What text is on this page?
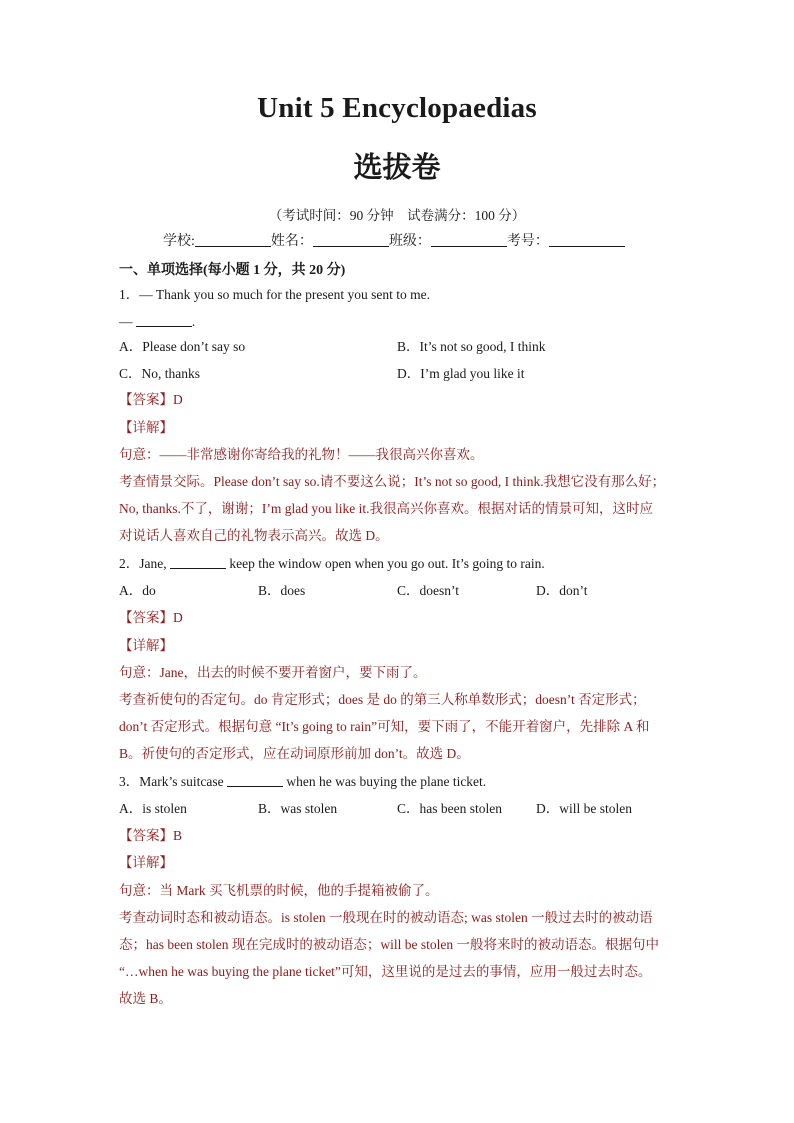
Unit 5 Encyclopaedias
选拔卷
（考试时间：90 分钟　试卷满分：100 分）
学校:	姓名：	班级：	考号：
一、单项选择(每小题 1 分，共 20 分)
1．— Thank you so much for the present you sent to me.
—	.
A．Please don’t say so	B．It’s not so good, I think
C．No, thanks	D．I’m glad you like it
【答案】D
【详解】
句意：——非常感谢你寄给我的礼物！——我很高兴你喜欢。
考查情景交际。Please don’t say so.请不要这么说；It’s not so good, I think.我想它没有那么好；
No, thanks.不了，谢谢；I’m glad you like it.我很高兴你喜欢。根据对话的情景可知，这时应
对说话人喜欢自己的礼物表示高兴。故选 D。
2．Jane,	keep the window open when you go out. It’s going to rain.
A．do	B．does	C．doesn’t	D．don’t
【答案】D
【详解】
句意：Jane，出去的时候不要开着窗户，要下雨了。
考查祈使句的否定句。do 肯定形式；does 是 do 的第三人称单数形式；doesn’t 否定形式；
don’t 否定形式。根据句意 “It’s going to rain”可知，要下雨了，不能开着窗户，先排除 A 和
B。祈使句的否定形式，应在动词原形前加 don’t。故选 D。
3．Mark’s suitcase	when he was buying the plane ticket.
A．is stolen	B．was stolen	C．has been stolen	D．will be stolen
【答案】B
【详解】
句意：当 Mark 买飞机票的时候，他的手提箱被偷了。
考查动词时态和被动语态。is stolen 一般现在时的被动语态; was stolen 一般过去时的被动语
态；has been stolen 现在完成时的被动语态；will be stolen 一般将来时的被动语态。根据句中
“…when he was buying the plane ticket”可知，这里说的是过去的事情，应用一般过去时态。
故选 B。
